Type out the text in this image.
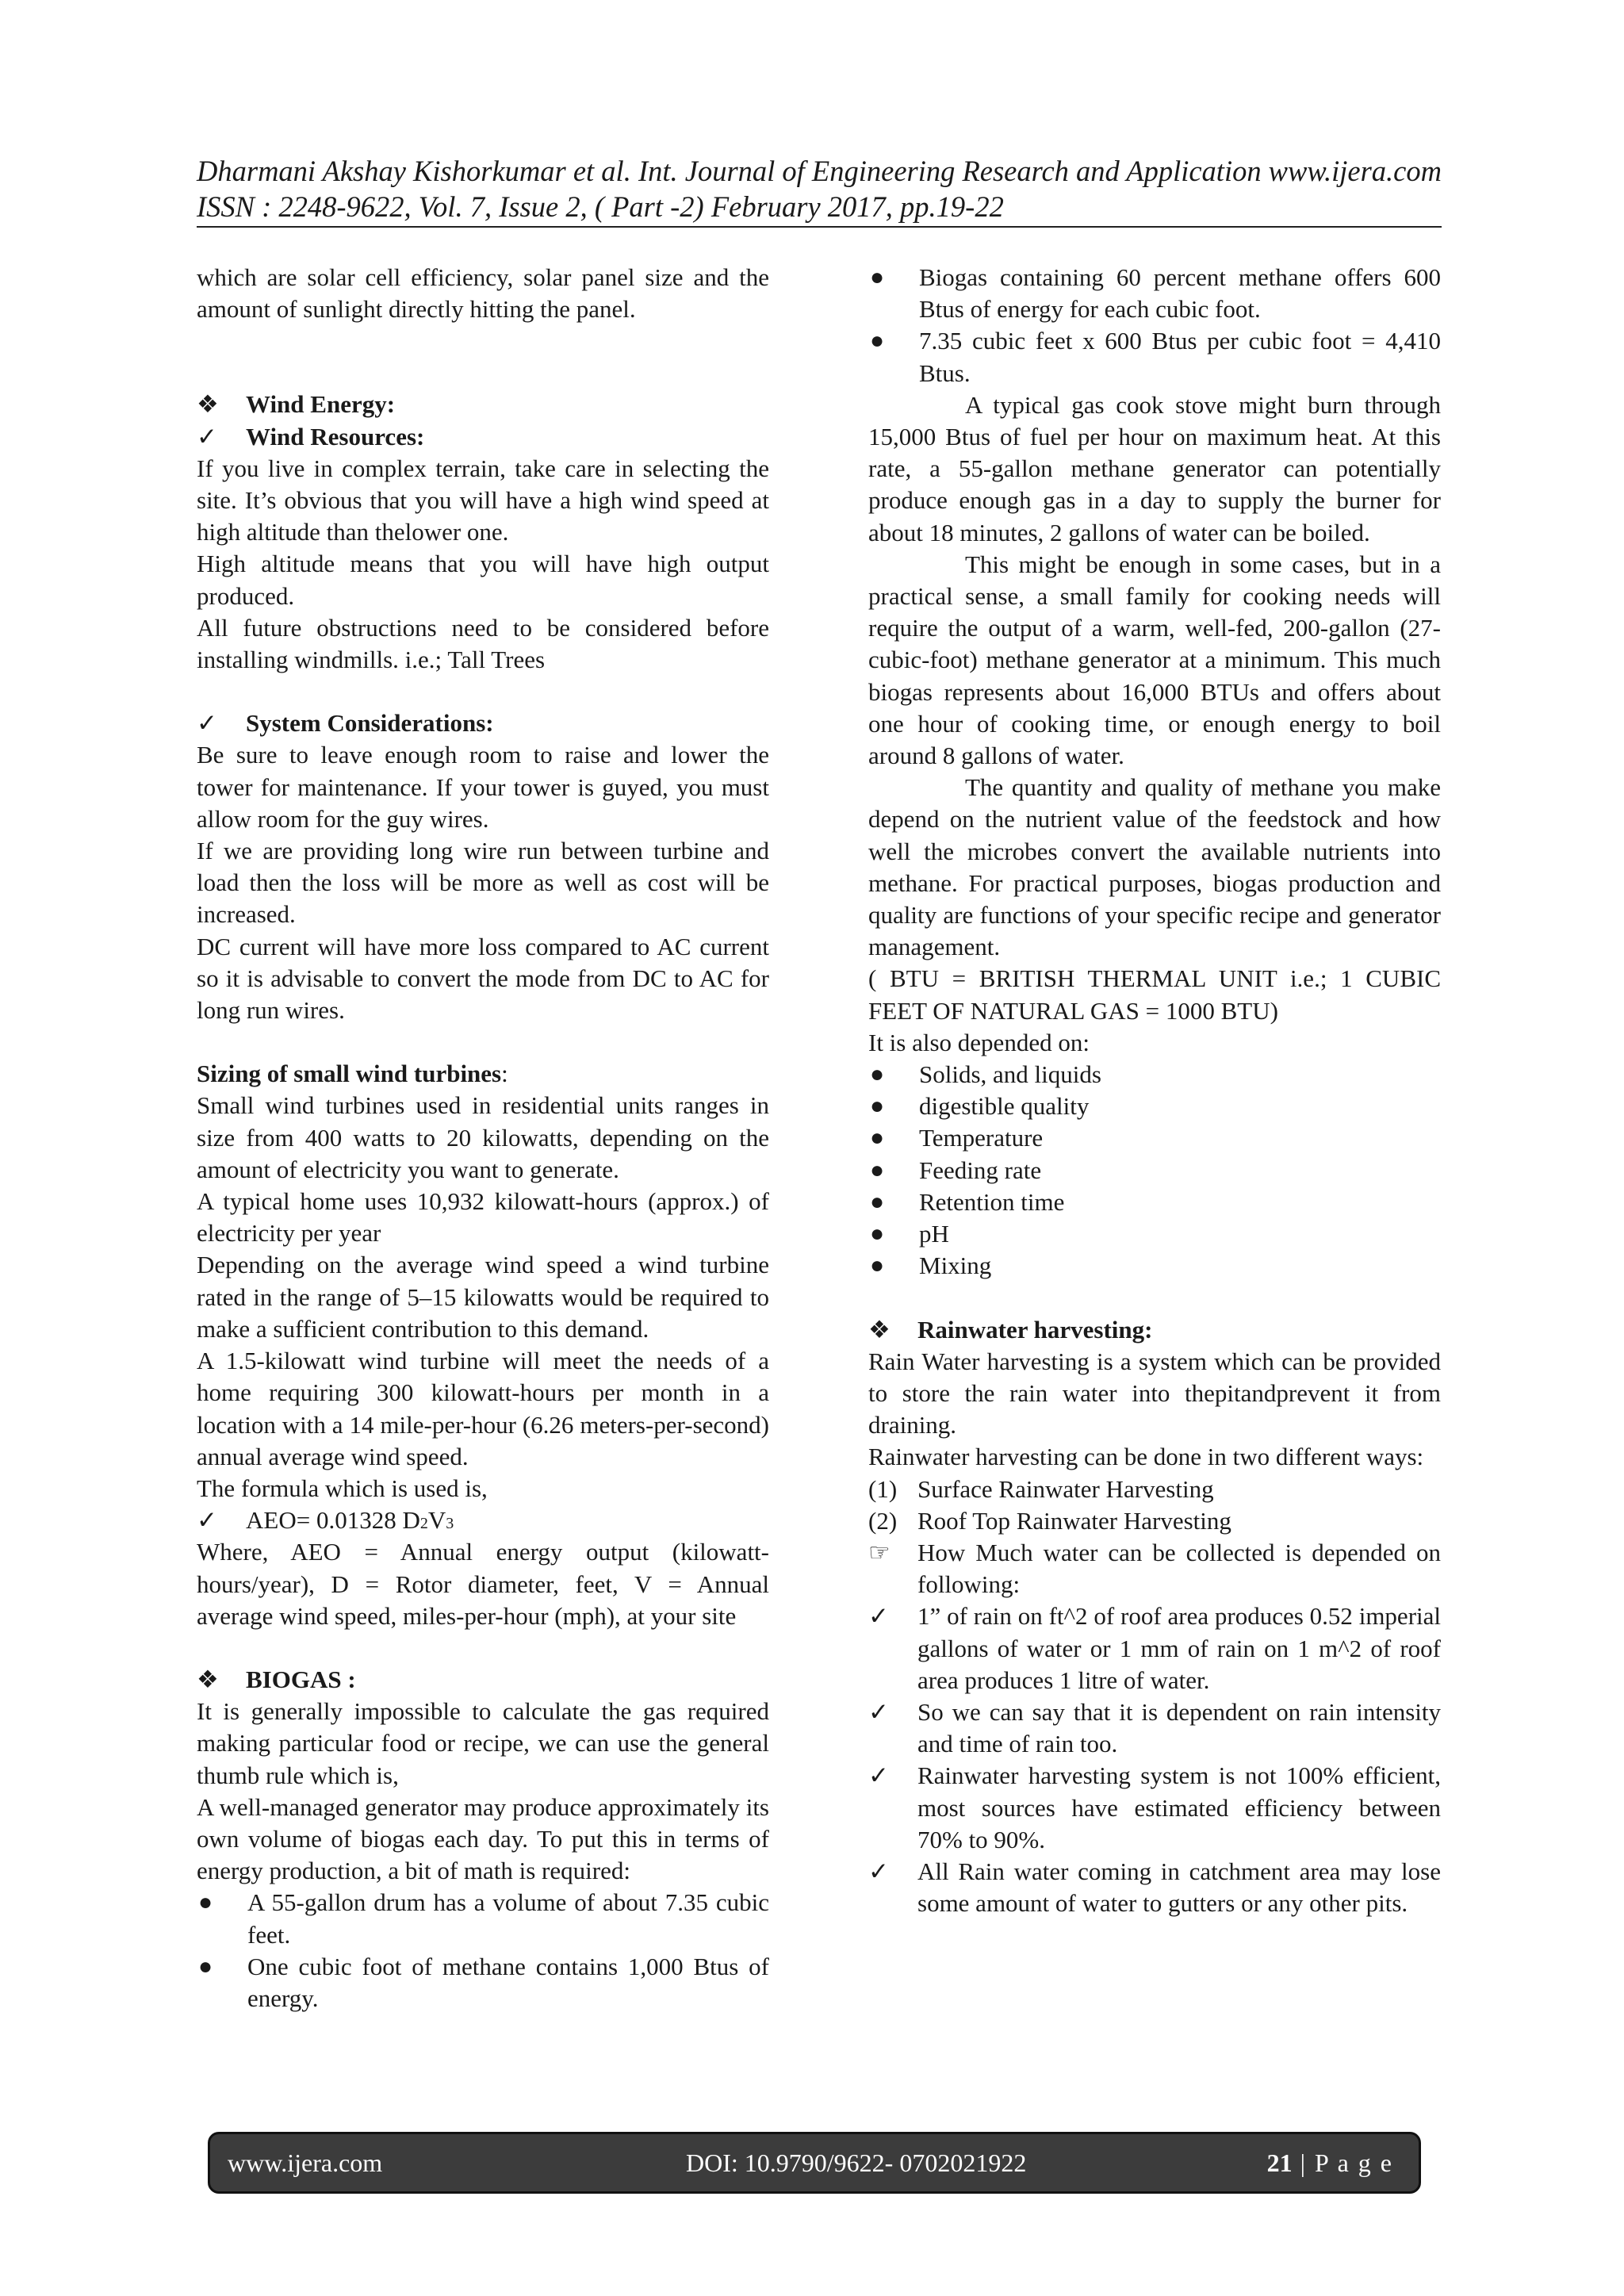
Dharmani Akshay Kishorkumar et al. Int. Journal of Engineering Research and Application www.ijera.com
ISSN : 2248-9622, Vol. 7, Issue 2, ( Part -2) February 2017, pp.19-22

which are solar cell efficiency, solar panel size and the amount of sunlight directly hitting the panel.

❖	Wind Energy:
✓	Wind Resources:

If you live in complex terrain, take care in selecting the site. It’s obvious that you will have a high wind speed at high altitude than thelower one.

High altitude means that you will have high output produced.

All future obstructions need to be considered before installing windmills. i.e.; Tall Trees

✓	System Considerations:

Be sure to leave enough room to raise and lower the tower for maintenance. If your tower is guyed, you must allow room for the guy wires.

If we are providing long wire run between turbine and load then the loss will be more as well as cost will be increased.

DC current will have more loss compared to AC current so it is advisable to convert the mode from DC to AC for long run wires.

Sizing of small wind turbines:

Small wind turbines used in residential units ranges in size from 400 watts to 20 kilowatts, depending on the amount of electricity you want to generate.

A typical home uses 10,932 kilowatt-hours (approx.) of electricity per year

Depending on the average wind speed a wind turbine rated in the range of 5–15 kilowatts would be required to make a sufficient contribution to this demand.

A 1.5-kilowatt wind turbine will meet the needs of a home requiring 300 kilowatt-hours per month in a location with a 14 mile-per-hour (6.26 meters-per-second) annual average wind speed.

The formula which is used is,

✓	AEO= 0.01328 D 2 V 3

Where, AEO = Annual energy output (kilowatt-hours/year), D = Rotor diameter, feet, V = Annual average wind speed, miles-per-hour (mph), at your site

❖	BIOGAS :

It is generally impossible to calculate the gas required making particular food or recipe, we can use the general thumb rule which is,

A well-managed generator may produce approximately its own volume of biogas each day. To put this in terms of energy production, a bit of math is required:

●	A 55-gallon drum has a volume of about 7.35 cubic feet.
●	One cubic foot of methane contains 1,000 Btus of energy.
●	Biogas containing 60 percent methane offers 600 Btus of energy for each cubic foot.
●	7.35 cubic feet x 600 Btus per cubic foot = 4,410 Btus.

A typical gas cook stove might burn through 15,000 Btus of fuel per hour on maximum heat. At this rate, a 55-gallon methane generator can potentially produce enough gas in a day to supply the burner for about 18 minutes, 2 gallons of water can be boiled.

This might be enough in some cases, but in a practical sense, a small family for cooking needs will require the output of a warm, well-fed, 200-gallon (27-cubic-foot) methane generator at a minimum. This much biogas represents about 16,000 BTUs and offers about one hour of cooking time, or enough energy to boil around 8 gallons of water.

The quantity and quality of methane you make depend on the nutrient value of the feedstock and how well the microbes convert the available nutrients into methane. For practical purposes, biogas production and quality are functions of your specific recipe and generator management.

( BTU = BRITISH THERMAL UNIT i.e.; 1 CUBIC FEET OF NATURAL GAS = 1000 BTU)

It is also depended on:

●	Solids, and liquids
●	digestible quality
●	Temperature
●	Feeding rate
●	Retention time
●	pH
●	Mixing
❖	Rainwater harvesting:

Rain Water harvesting is a system which can be provided to store the rain water into thepitandprevent it from draining.

Rainwater harvesting can be done in two different ways:

(1) Surface Rainwater Harvesting
(2) Roof Top Rainwater Harvesting
☞	How Much water can be collected is depended on following:
✓	1” of rain on ft^2 of roof area produces 0.52 imperial gallons of water or 1 mm of rain on 1 m^2 of roof area produces 1 litre of water.
✓	So we can say that it is dependent on rain intensity and time of rain too.
✓	Rainwater harvesting system is not 100% efficient, most sources have estimated efficiency between 70% to 90%.
✓	All Rain water coming in catchment area may lose some amount of water to gutters or any other pits.
www.ijera.com	DOI: 10.9790/9622- 0702021922	21 | P a g e
